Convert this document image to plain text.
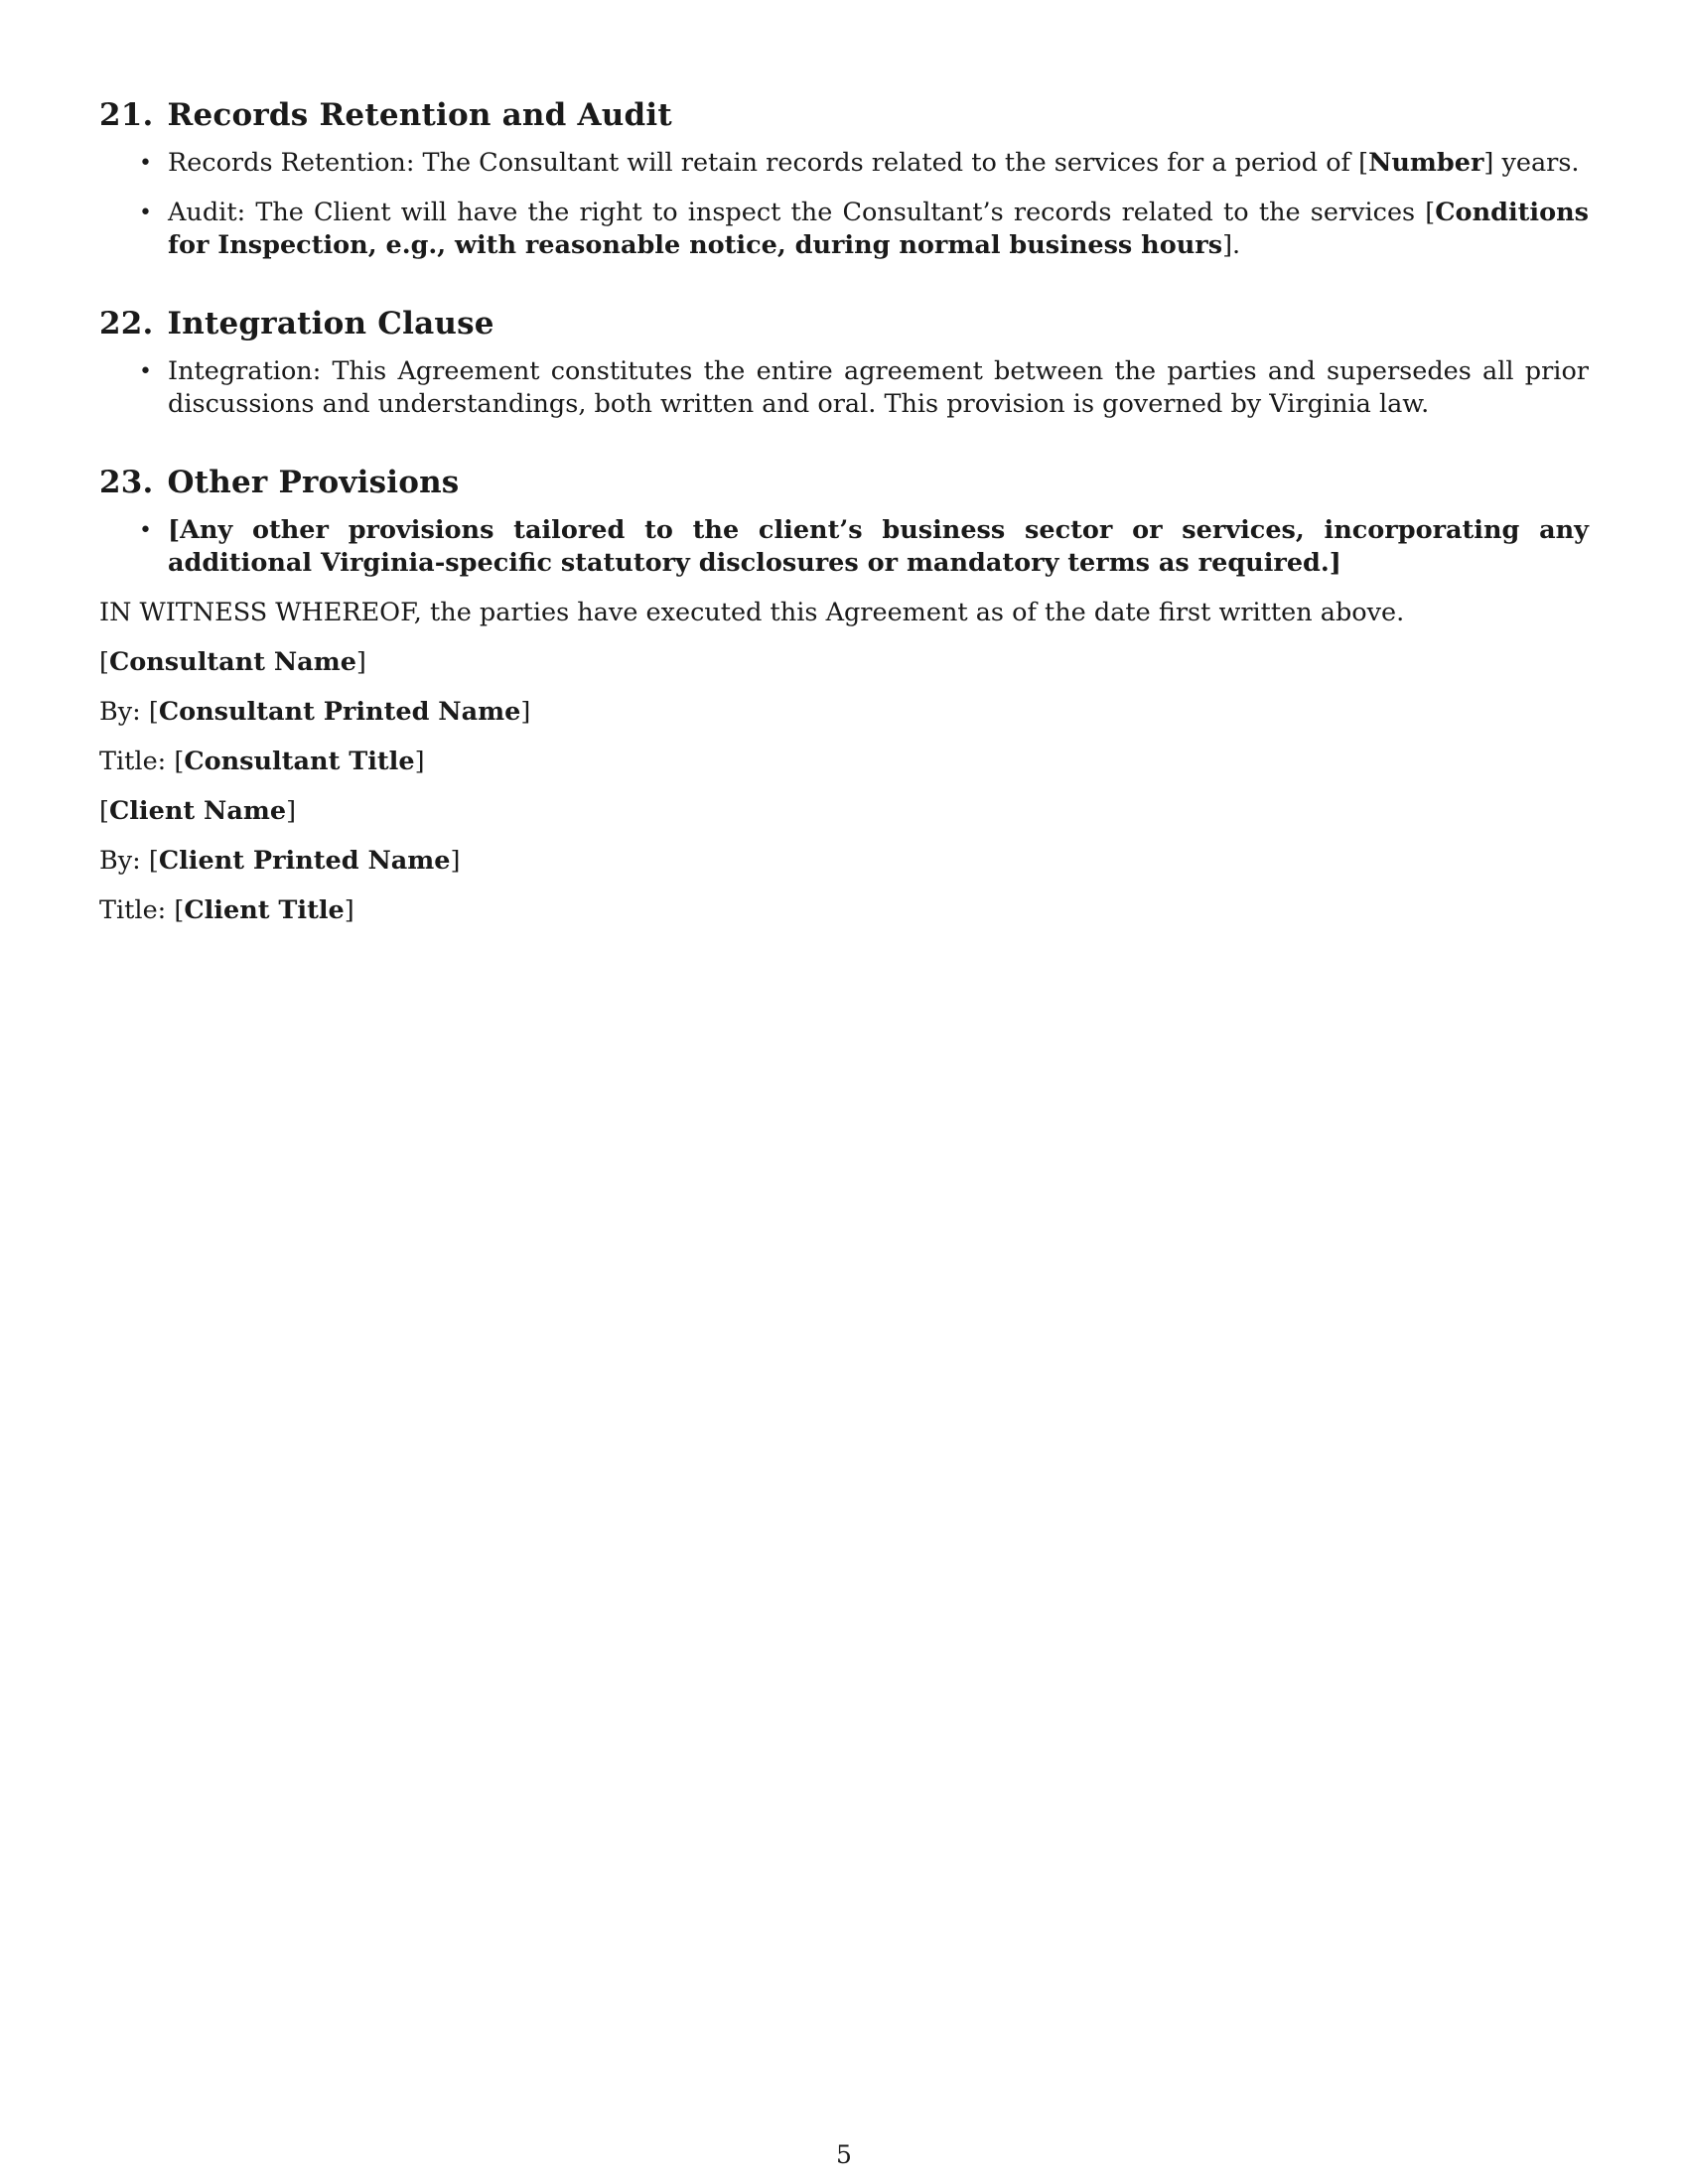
21. Records Retention and Audit
• Records Retention: The Consultant will retain records related to the services for a period of [Number] years.
• Audit: The Client will have the right to inspect the Consultant’s records related to the services [Conditions for Inspection, e.g., with reasonable notice, during normal business hours].
22. Integration Clause
• Integration: This Agreement constitutes the entire agreement between the parties and supersedes all prior discussions and understandings, both written and oral. This provision is governed by Virginia law.
23. Other Provisions
• [Any other provisions tailored to the client’s business sector or services, incorporating any additional Virginia-specific statutory disclosures or mandatory terms as required.]

IN WITNESS WHEREOF, the parties have executed this Agreement as of the date first written above.

[Consultant Name]

By: [Consultant Printed Name]

Title: [Consultant Title]

[Client Name]

By: [Client Printed Name]

Title: [Client Title]

5
